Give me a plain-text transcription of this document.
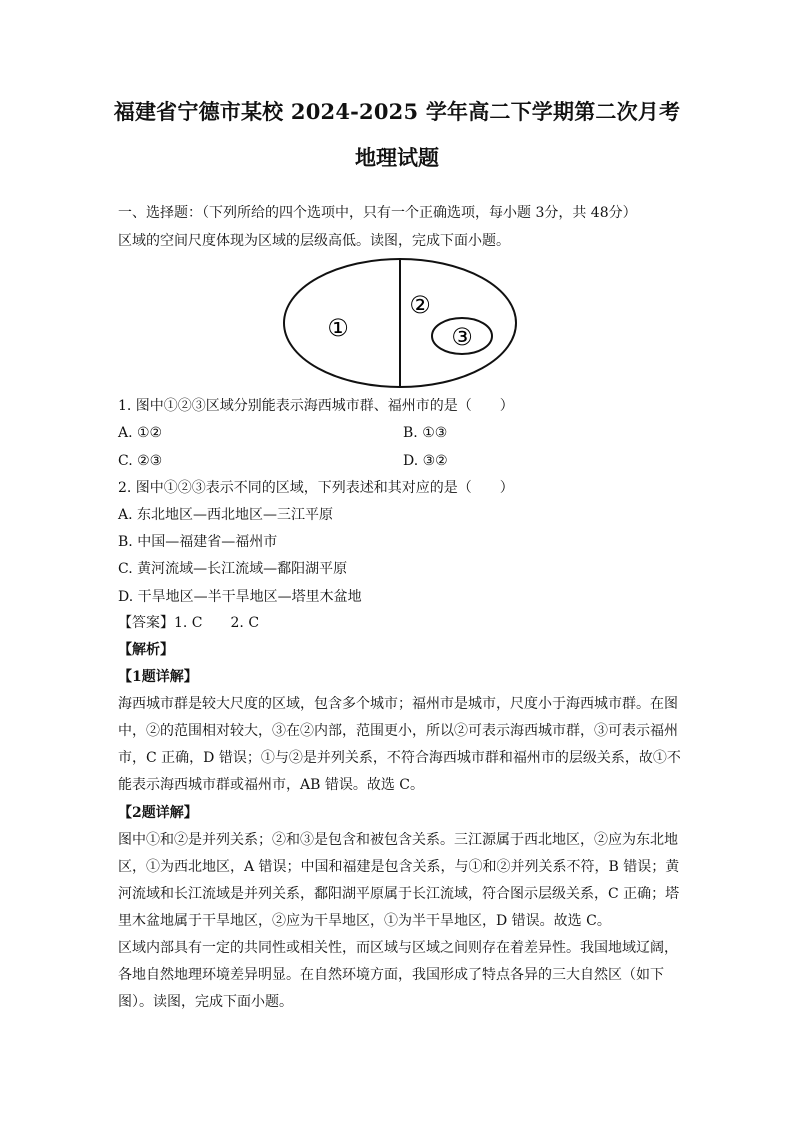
福建省宁德市某校 2024-2025 学年高二下学期第二次月考
地理试题
一、选择题：（下列所给的四个选项中，只有一个正确选项，每小题 3分，共 48分）
区域的空间尺度体现为区域的层级高低。读图，完成下面小题。
①
②
③
1. 图中①②③区域分别能表示海西城市群、福州市的是（　　）
A. ①②	B. ①③
C. ②③	D. ③②
2. 图中①②③表示不同的区域，下列表述和其对应的是（　　）
A. 东北地区—西北地区—三江平原
B. 中国—福建省—福州市
C. 黄河流域—长江流域—鄱阳湖平原
D. 干旱地区—半干旱地区—塔里木盆地
【答案】1. C　　2. C
【解析】
【1题详解】
海西城市群是较大尺度的区域，包含多个城市；福州市是城市，尺度小于海西城市群。在图
中，②的范围相对较大，③在②内部，范围更小，所以②可表示海西城市群，③可表示福州
市，C 正确，D 错误；①与②是并列关系，不符合海西城市群和福州市的层级关系，故①不
能表示海西城市群或福州市，AB 错误。故选 C。
【2题详解】
图中①和②是并列关系；②和③是包含和被包含关系。三江源属于西北地区，②应为东北地
区，①为西北地区，A 错误；中国和福建是包含关系，与①和②并列关系不符，B 错误；黄
河流域和长江流域是并列关系，鄱阳湖平原属于长江流域，符合图示层级关系，C 正确；塔
里木盆地属于干旱地区，②应为干旱地区，①为半干旱地区，D 错误。故选 C。
区域内部具有一定的共同性或相关性，而区域与区域之间则存在着差异性。我国地域辽阔，
各地自然地理环境差异明显。在自然环境方面，我国形成了特点各异的三大自然区（如下
图）。读图，完成下面小题。
